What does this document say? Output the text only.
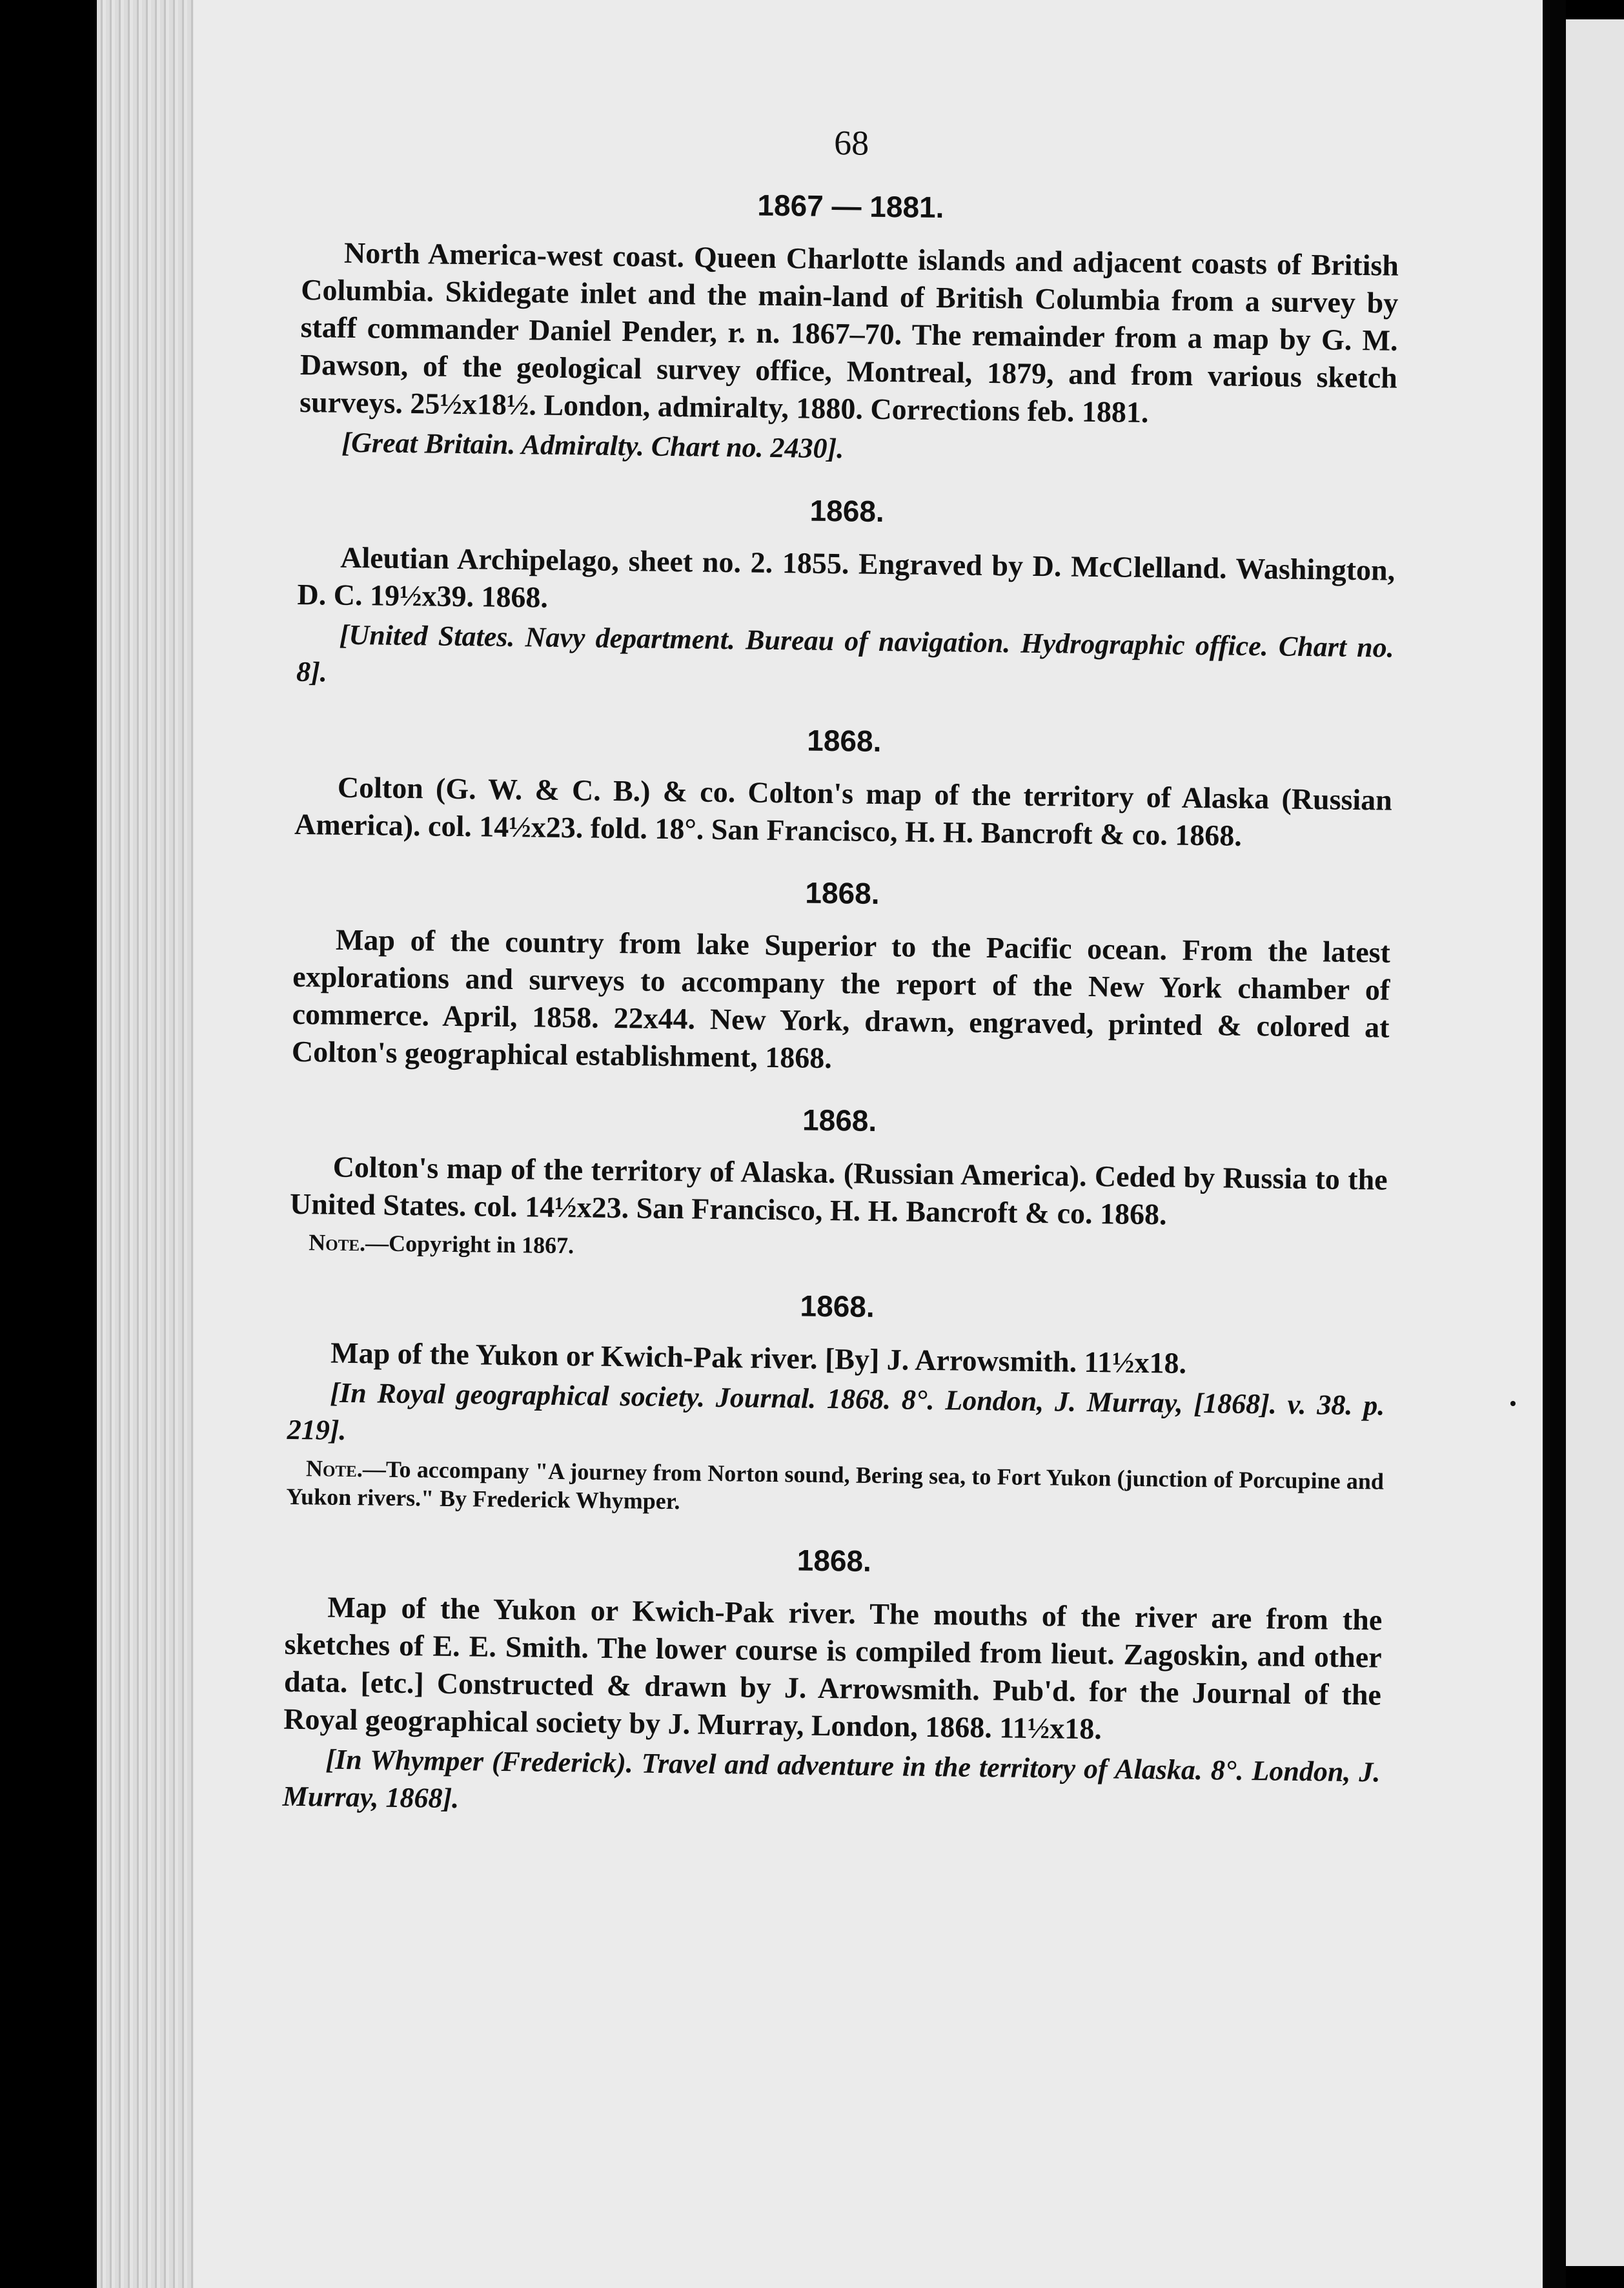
68
1867 — 1881.

North America-west coast. Queen Charlotte islands and adjacent coasts of British Columbia. Skidegate inlet and the main-land of British Columbia from a survey by staff commander Daniel Pender, r. n. 1867–70. The remainder from a map by G. M. Dawson, of the geological survey office, Montreal, 1879, and from various sketch surveys. 25½x18½. London, admiralty, 1880. Corrections feb. 1881.

[Great Britain. Admiralty. Chart no. 2430].

1868.

Aleutian Archipelago, sheet no. 2. 1855. Engraved by D. McClelland. Washington, D. C. 19½x39. 1868.

[United States. Navy department. Bureau of navigation. Hydrographic office. Chart no. 8].

1868.

Colton (G. W. & C. B.) & co. Colton's map of the territory of Alaska (Russian America). col. 14½x23. fold. 18°. San Francisco, H. H. Bancroft & co. 1868.

1868.

Map of the country from lake Superior to the Pacific ocean. From the latest explorations and surveys to accompany the report of the New York chamber of commerce. April, 1858. 22x44. New York, drawn, engraved, printed & colored at Colton's geographical establishment, 1868.

1868.

Colton's map of the territory of Alaska. (Russian America). Ceded by Russia to the United States. col. 14½x23. San Francisco, H. H. Bancroft & co. 1868.

Note.—Copyright in 1867.

1868.

Map of the Yukon or Kwich-Pak river. [By] J. Arrowsmith. 11½x18.

[In Royal geographical society. Journal. 1868. 8°. London, J. Murray, [1868]. v. 38. p. 219].

Note.—To accompany "A journey from Norton sound, Bering sea, to Fort Yukon (junction of Porcupine and Yukon rivers." By Frederick Whymper.

1868.

Map of the Yukon or Kwich-Pak river. The mouths of the river are from the sketches of E. E. Smith. The lower course is compiled from lieut. Zagoskin, and other data. [etc.] Constructed & drawn by J. Arrowsmith. Pub'd. for the Journal of the Royal geographical society by J. Murray, London, 1868. 11½x18.

[In Whymper (Frederick). Travel and adventure in the territory of Alaska. 8°. London, J. Murray, 1868].
